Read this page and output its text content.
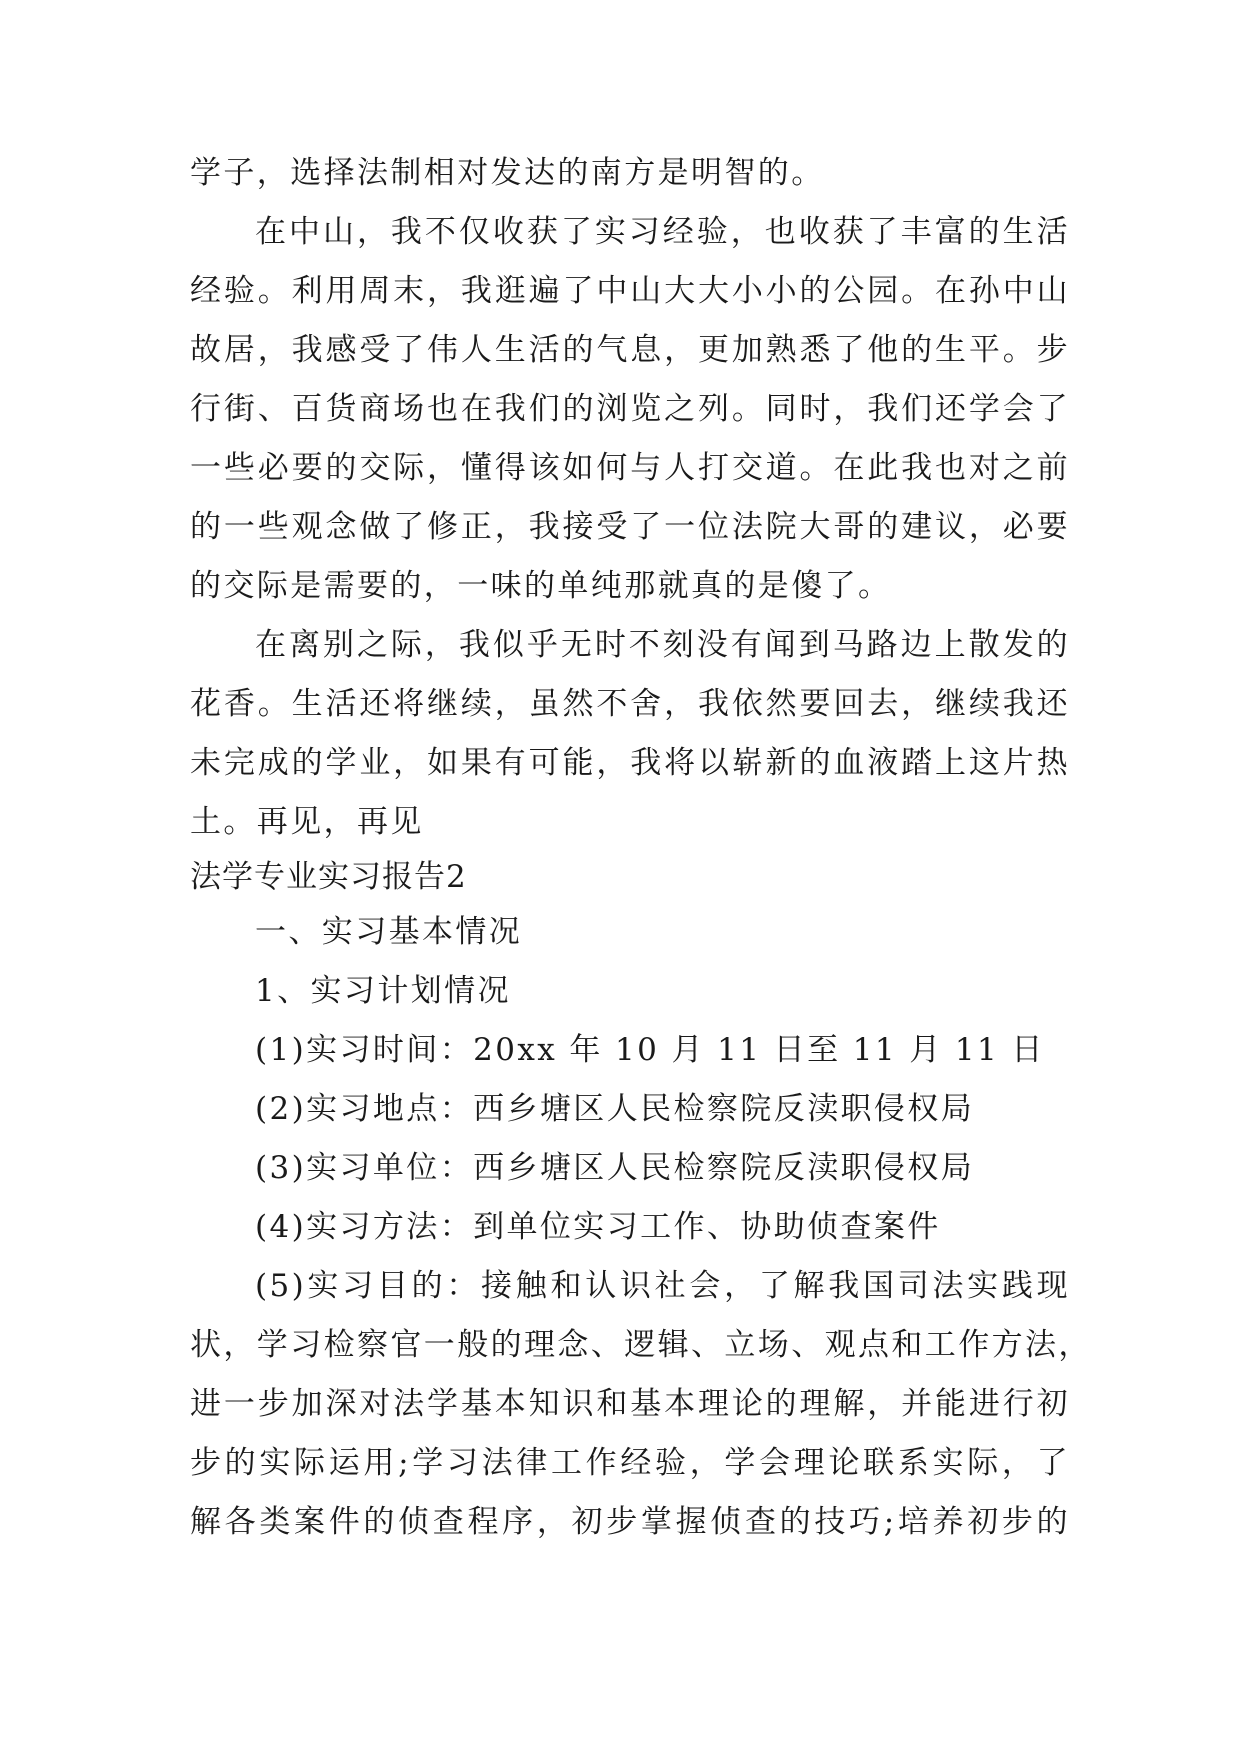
学子，选择法制相对发达的南方是明智的。
在中山，我不仅收获了实习经验，也收获了丰富的生活
经验。利用周末，我逛遍了中山大大小小的公园。在孙中山
故居，我感受了伟人生活的气息，更加熟悉了他的生平。步
行街、百货商场也在我们的浏览之列。同时，我们还学会了
一些必要的交际，懂得该如何与人打交道。在此我也对之前
的一些观念做了修正，我接受了一位法院大哥的建议，必要
的交际是需要的，一味的单纯那就真的是傻了。
在离别之际，我似乎无时不刻没有闻到马路边上散发的
花香。生活还将继续，虽然不舍，我依然要回去，继续我还
未完成的学业，如果有可能，我将以崭新的血液踏上这片热
土。再见，再见
法学专业实习报告2
一、实习基本情况
1、实习计划情况
(1)实习时间：20xx 年 10 月 11 日至 11 月 11 日
(2)实习地点：西乡塘区人民检察院反渎职侵权局
(3)实习单位：西乡塘区人民检察院反渎职侵权局
(4)实习方法：到单位实习工作、协助侦查案件
(5)实习目的：接触和认识社会，了解我国司法实践现
状，学习检察官一般的理念、逻辑、立场、观点和工作方法，
进一步加深对法学基本知识和基本理论的理解，并能进行初
步的实际运用;学习法律工作经验，学会理论联系实际，了
解各类案件的侦查程序，初步掌握侦查的技巧;培养初步的
